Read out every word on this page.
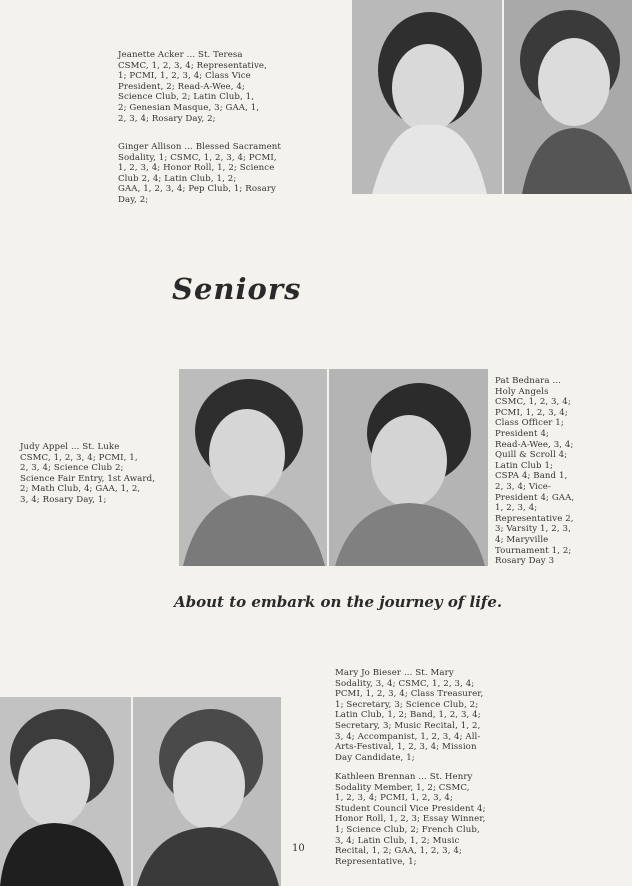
Jeanette Acker ... St. Teresa
CSMC, 1, 2, 3, 4; Representative,
1; PCMI, 1, 2, 3, 4; Class Vice
President, 2; Read-A-Wee, 4;
Science Club, 2; Latin Club, 1,
2; Genesian Masque, 3; GAA, 1,
2, 3, 4; Rosary Day, 2;
Ginger Allison ... Blessed Sacrament
Sodality, 1; CSMC, 1, 2, 3, 4; PCMI,
1, 2, 3, 4; Honor Roll, 1, 2; Science
Club 2, 4; Latin Club, 1, 2;
GAA, 1, 2, 3, 4; Pep Club, 1; Rosary
Day, 2;
Seniors
Judy Appel ... St. Luke
CSMC, 1, 2, 3, 4; PCMI, 1,
2, 3, 4; Science Club 2;
Science Fair Entry, 1st Award,
2; Math Club, 4; GAA, 1, 2,
3, 4; Rosary Day, 1;
Pat Bednara ...
Holy Angels
CSMC, 1, 2, 3, 4;
PCMI, 1, 2, 3, 4;
Class Officer 1;
President 4;
Read-A-Wee, 3, 4;
Quill & Scroll 4;
Latin Club 1;
CSPA 4; Band 1,
2, 3, 4; Vice-
President 4; GAA,
1, 2, 3, 4;
Representative 2,
3; Varsity 1, 2, 3,
4; Maryville
Tournament 1, 2;
Rosary Day 3
About to embark on the journey of life.
Mary Jo Bieser ... St. Mary
Sodality, 3, 4; CSMC, 1, 2, 3, 4;
PCMI, 1, 2, 3, 4; Class Treasurer,
1; Secretary, 3; Science Club, 2;
Latin Club, 1, 2; Band, 1, 2, 3, 4;
Secretary, 3; Music Recital, 1, 2,
3, 4; Accompanist, 1, 2, 3, 4; All-
Arts-Festival, 1, 2, 3, 4; Mission
Day Candidate, 1;
Kathleen Brennan ... St. Henry
Sodality Member, 1, 2; CSMC,
1, 2, 3, 4; PCMI, 1, 2, 3, 4;
Student Council Vice President 4;
Honor Roll, 1, 2, 3; Essay Winner,
1; Science Club, 2; French Club,
3, 4; Latin Club, 1, 2; Music
Recital, 1, 2; GAA, 1, 2, 3, 4;
Representative, 1;
10
